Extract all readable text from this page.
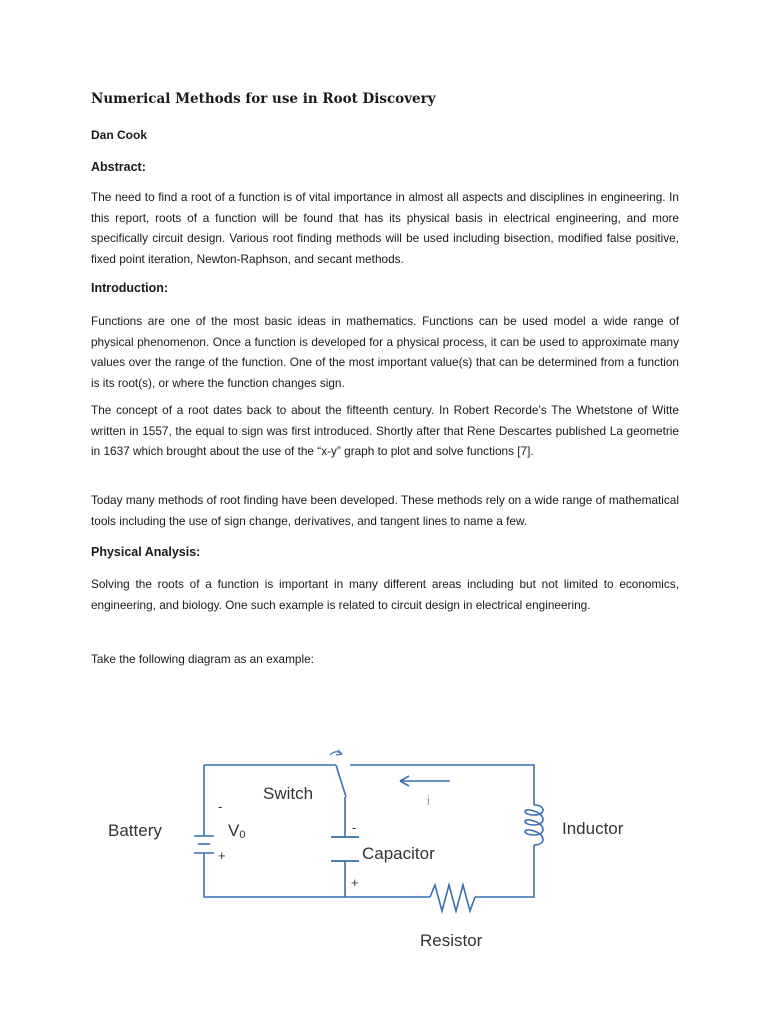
Numerical Methods for use in Root Discovery

Dan Cook

Abstract:

The need to find a root of a function is of vital importance in almost all aspects and disciplines in engineering. In this report, roots of a function will be found that has its physical basis in electrical engineering, and more specifically circuit design. Various root finding methods will be used including bisection, modified false positive, fixed point iteration, Newton-Raphson, and secant methods.

Introduction:

Functions are one of the most basic ideas in mathematics. Functions can be used model a wide range of physical phenomenon. Once a function is developed for a physical process, it can be used to approximate many values over the range of the function. One of the most important value(s) that can be determined from a function is its root(s), or where the function changes sign.

The concept of a root dates back to about the fifteenth century. In Robert Recorde’s The Whetstone of Witte written in 1557, the equal to sign was first introduced. Shortly after that Rene Descartes published La geometrie in 1637 which brought about the use of the “x-y” graph to plot and solve functions [7].

Today many methods of root finding have been developed. These methods rely on a wide range of mathematical tools including the use of sign change, derivatives, and tangent lines to name a few.

Physical Analysis:

Solving the roots of a function is important in many different areas including but not limited to economics, engineering, and biology. One such example is related to circuit design in electrical engineering.

Take the following diagram as an example:

Battery	V0
-
+
Switch
-
Capacitor
+
i
Inductor
Resistor
